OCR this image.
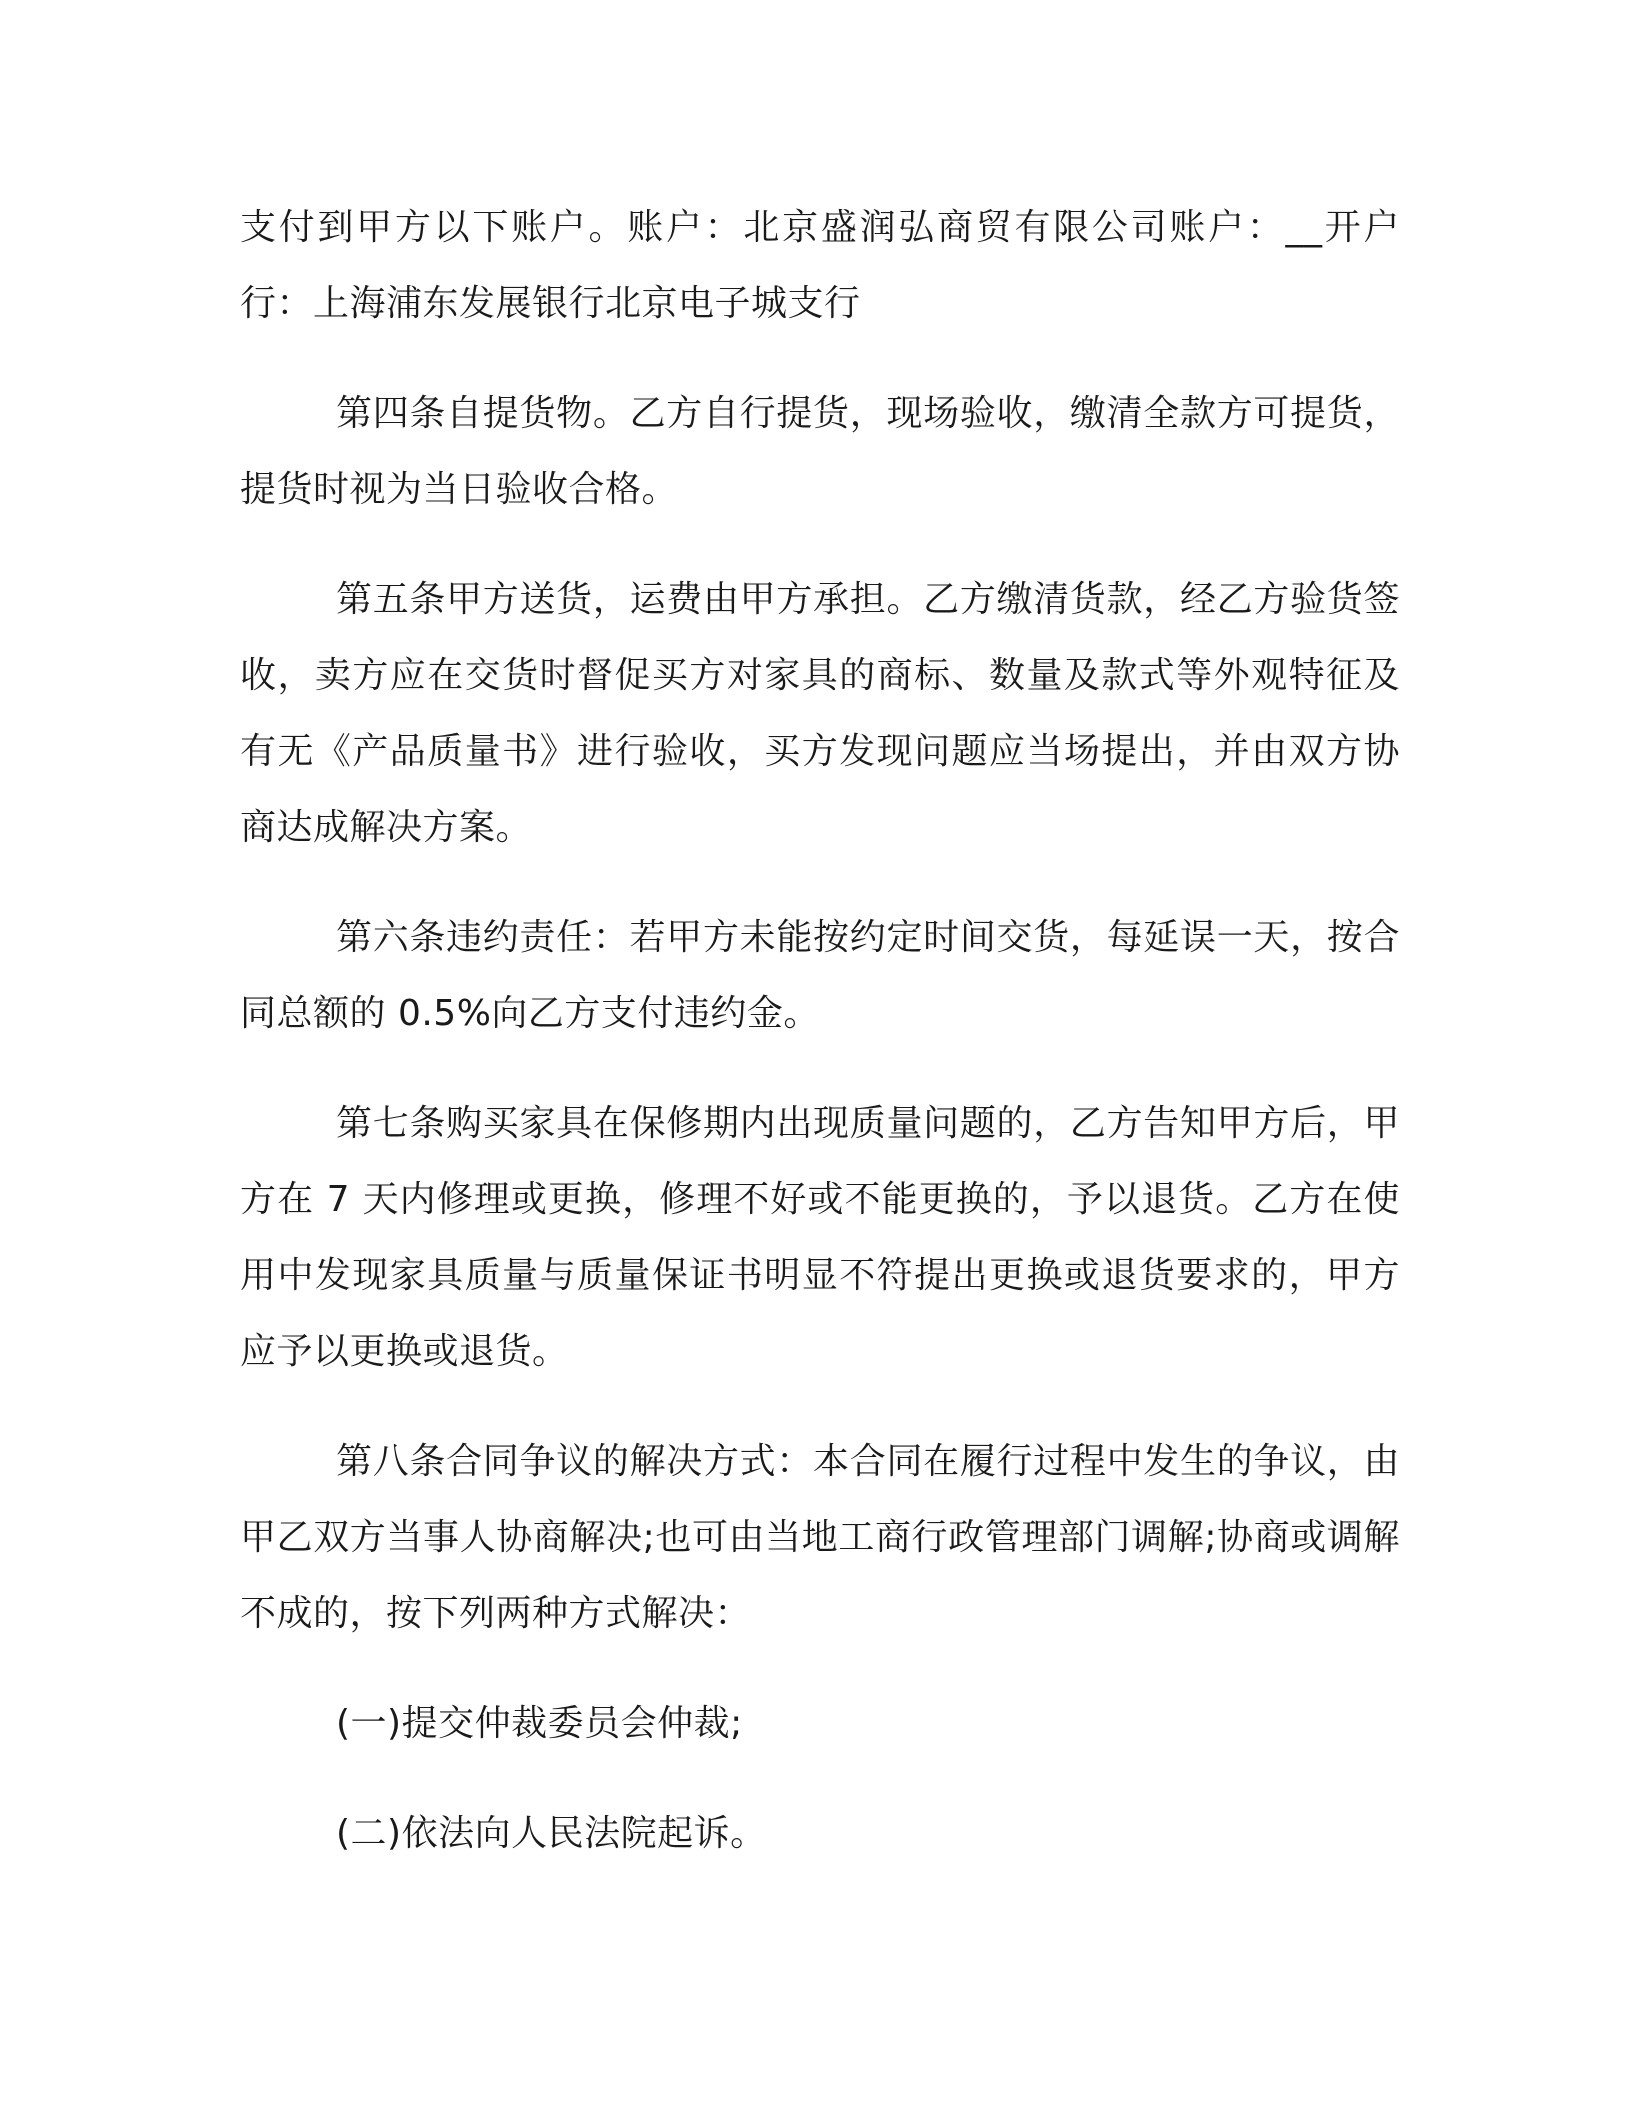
支付到甲方以下账户。账户：北京盛润弘商贸有限公司账户：__开户行：上海浦东发展银行北京电子城支行

第四条自提货物。乙方自行提货，现场验收，缴清全款方可提货，提货时视为当日验收合格。

第五条甲方送货，运费由甲方承担。乙方缴清货款，经乙方验货签收，卖方应在交货时督促买方对家具的商标、数量及款式等外观特征及有无《产品质量书》进行验收，买方发现问题应当场提出，并由双方协商达成解决方案。

第六条违约责任：若甲方未能按约定时间交货，每延误一天，按合同总额的 0.5%向乙方支付违约金。

第七条购买家具在保修期内出现质量问题的，乙方告知甲方后，甲方在 7 天内修理或更换，修理不好或不能更换的，予以退货。乙方在使用中发现家具质量与质量保证书明显不符提出更换或退货要求的，甲方应予以更换或退货。

第八条合同争议的解决方式：本合同在履行过程中发生的争议，由甲乙双方当事人协商解决;也可由当地工商行政管理部门调解;协商或调解不成的，按下列两种方式解决：

(一)提交仲裁委员会仲裁;

(二)依法向人民法院起诉。
